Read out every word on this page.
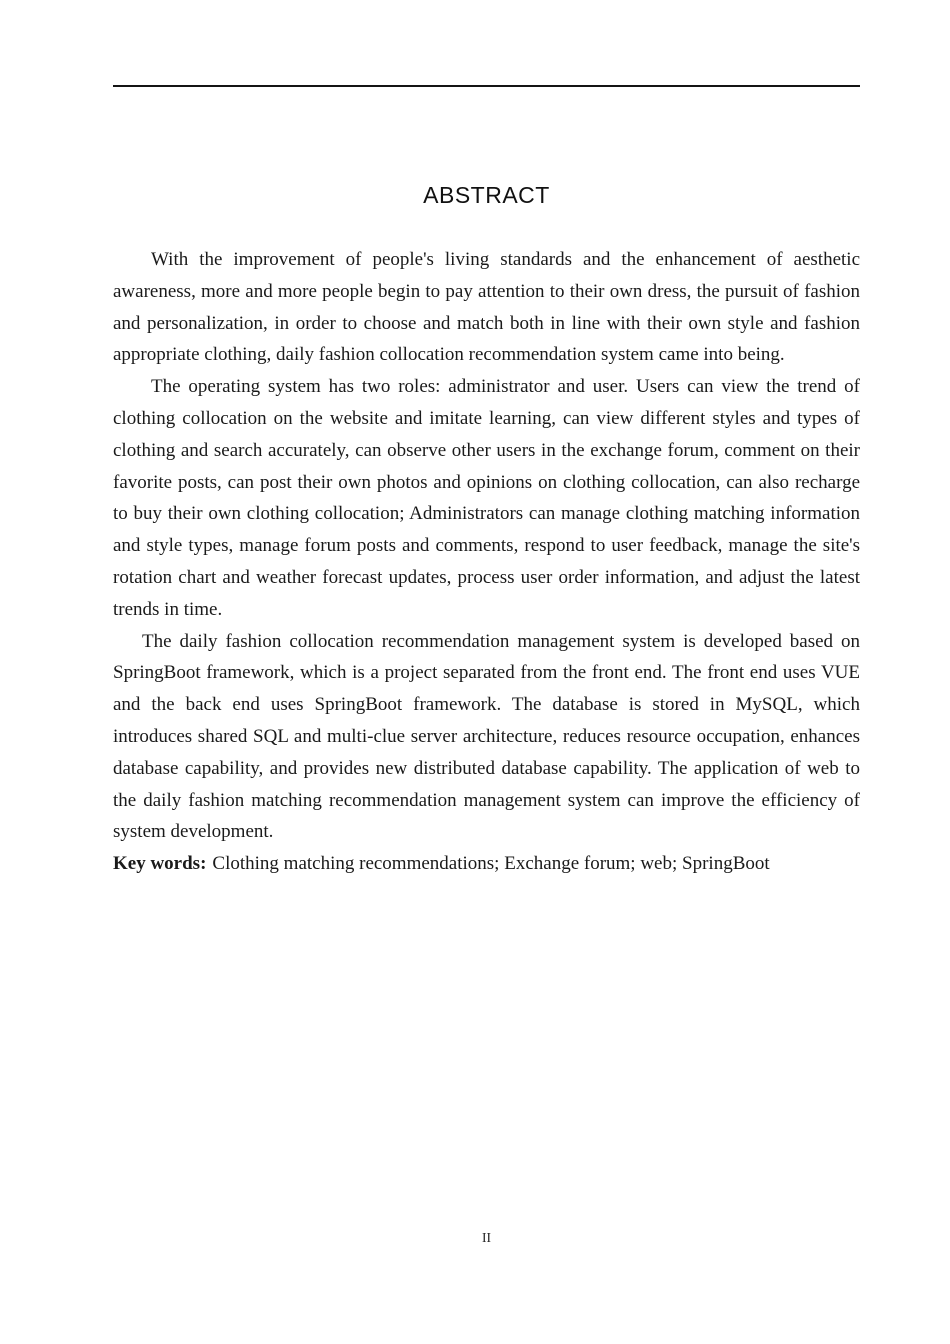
ABSTRACT

With the improvement of people's living standards and the enhancement of aesthetic awareness, more and more people begin to pay attention to their own dress, the pursuit of fashion and personalization, in order to choose and match both in line with their own style and fashion appropriate clothing, daily fashion collocation recommendation system came into being.

The operating system has two roles: administrator and user. Users can view the trend of clothing collocation on the website and imitate learning, can view different styles and types of clothing and search accurately, can observe other users in the exchange forum, comment on their favorite posts, can post their own photos and opinions on clothing collocation, can also recharge to buy their own clothing collocation; Administrators can manage clothing matching information and style types, manage forum posts and comments, respond to user feedback, manage the site's rotation chart and weather forecast updates, process user order information, and adjust the latest trends in time.

The daily fashion collocation recommendation management system is developed based on SpringBoot framework, which is a project separated from the front end. The front end uses VUE and the back end uses SpringBoot framework. The database is stored in MySQL, which introduces shared SQL and multi-clue server architecture, reduces resource occupation, enhances database capability, and provides new distributed database capability. The application of web to the daily fashion matching recommendation management system can improve the efficiency of system development.

Key words: Clothing matching recommendations; Exchange forum; web; SpringBoot

II
